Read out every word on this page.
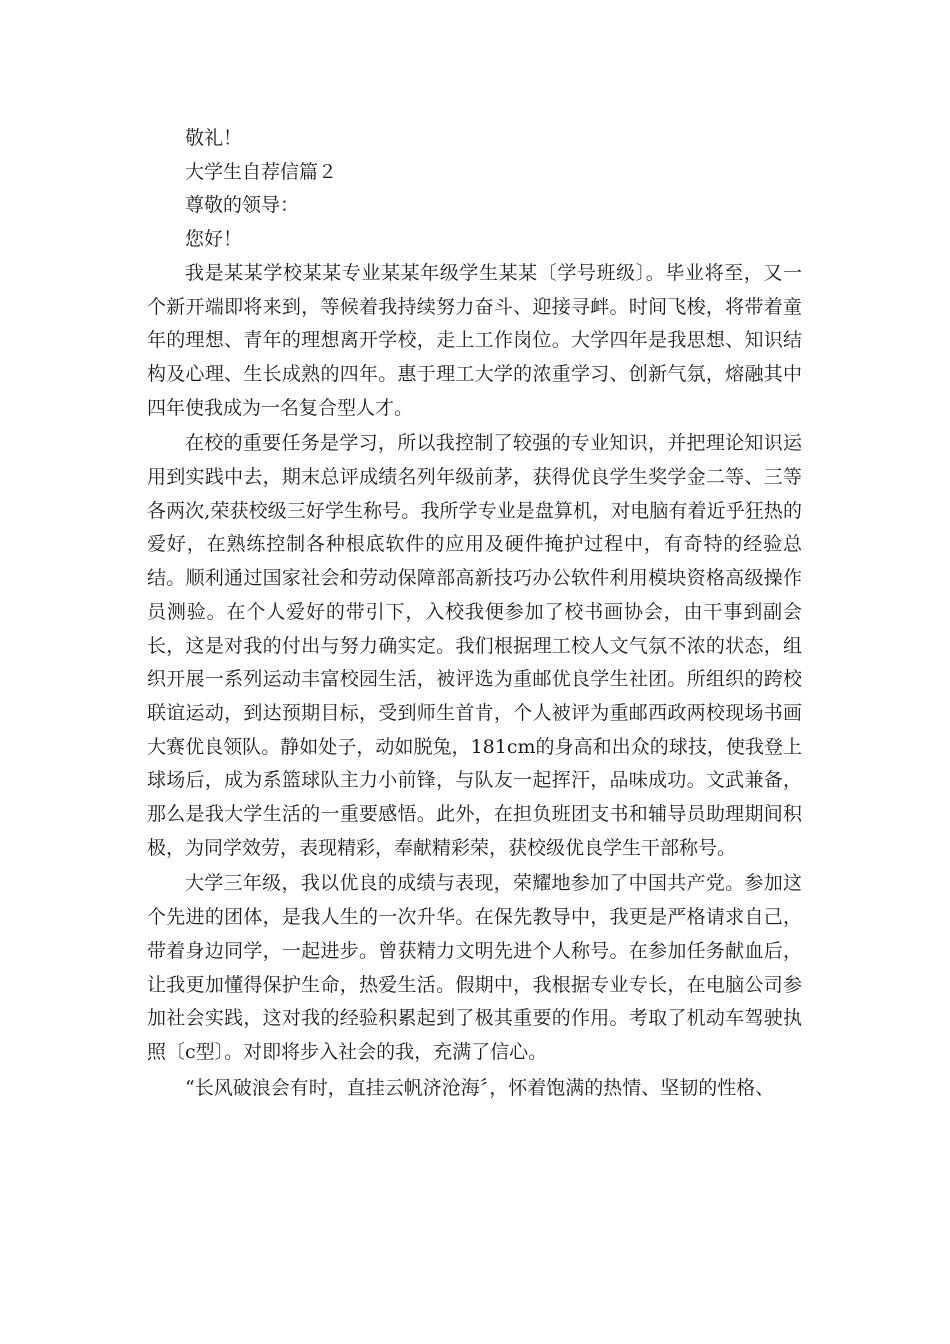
敬礼！

大学生自荐信篇２

尊敬的领导：

您好！

我是某某学校某某专业某某年级学生某某〔学号班级〕。毕业将至，又一个新开端即将来到，等候着我持续努力奋斗、迎接寻衅。时间飞梭，将带着童年的理想、青年的理想离开学校，走上工作岗位。大学四年是我思想、知识结构及心理、生长成熟的四年。惠于理工大学的浓重学习、创新气氛，熔融其中四年使我成为一名复合型人才。

在校的重要任务是学习，所以我控制了较强的专业知识，并把理论知识运用到实践中去，期末总评成绩名列年级前茅，获得优良学生奖学金二等、三等各两次,荣获校级三好学生称号。我所学专业是盘算机，对电脑有着近乎狂热的爱好，在熟练控制各种根底软件的应用及硬件掩护过程中，有奇特的经验总结。顺利通过国家社会和劳动保障部高新技巧办公软件利用模块资格高级操作员测验。在个人爱好的带引下，入校我便参加了校书画协会，由干事到副会长，这是对我的付出与努力确实定。我们根据理工校人文气氛不浓的状态，组织开展一系列运动丰富校园生活，被评选为重邮优良学生社团。所组织的跨校联谊运动，到达预期目标，受到师生首肯，个人被评为重邮西政两校现场书画大赛优良领队。静如处子，动如脱兔，181cm的身高和出众的球技，使我登上球场后，成为系篮球队主力小前锋，与队友一起挥汗，品味成功。文武兼备，那么是我大学生活的一重要感悟。此外，在担负班团支书和辅导员助理期间积极，为同学效劳，表现精彩，奉献精彩荣，获校级优良学生干部称号。

大学三年级，我以优良的成绩与表现，荣耀地参加了中国共产党。参加这个先进的团体，是我人生的一次升华。在保先教导中，我更是严格请求自己，带着身边同学，一起进步。曾获精力文明先进个人称号。在参加任务献血后，让我更加懂得保护生命，热爱生活。假期中，我根据专业专长，在电脑公司参加社会实践，这对我的经验积累起到了极其重要的作用。考取了机动车驾驶执照〔c型〕。对即将步入社会的我，充满了信心。

“长风破浪会有时，直挂云帆济沧海〞，怀着饱满的热情、坚韧的性格、
